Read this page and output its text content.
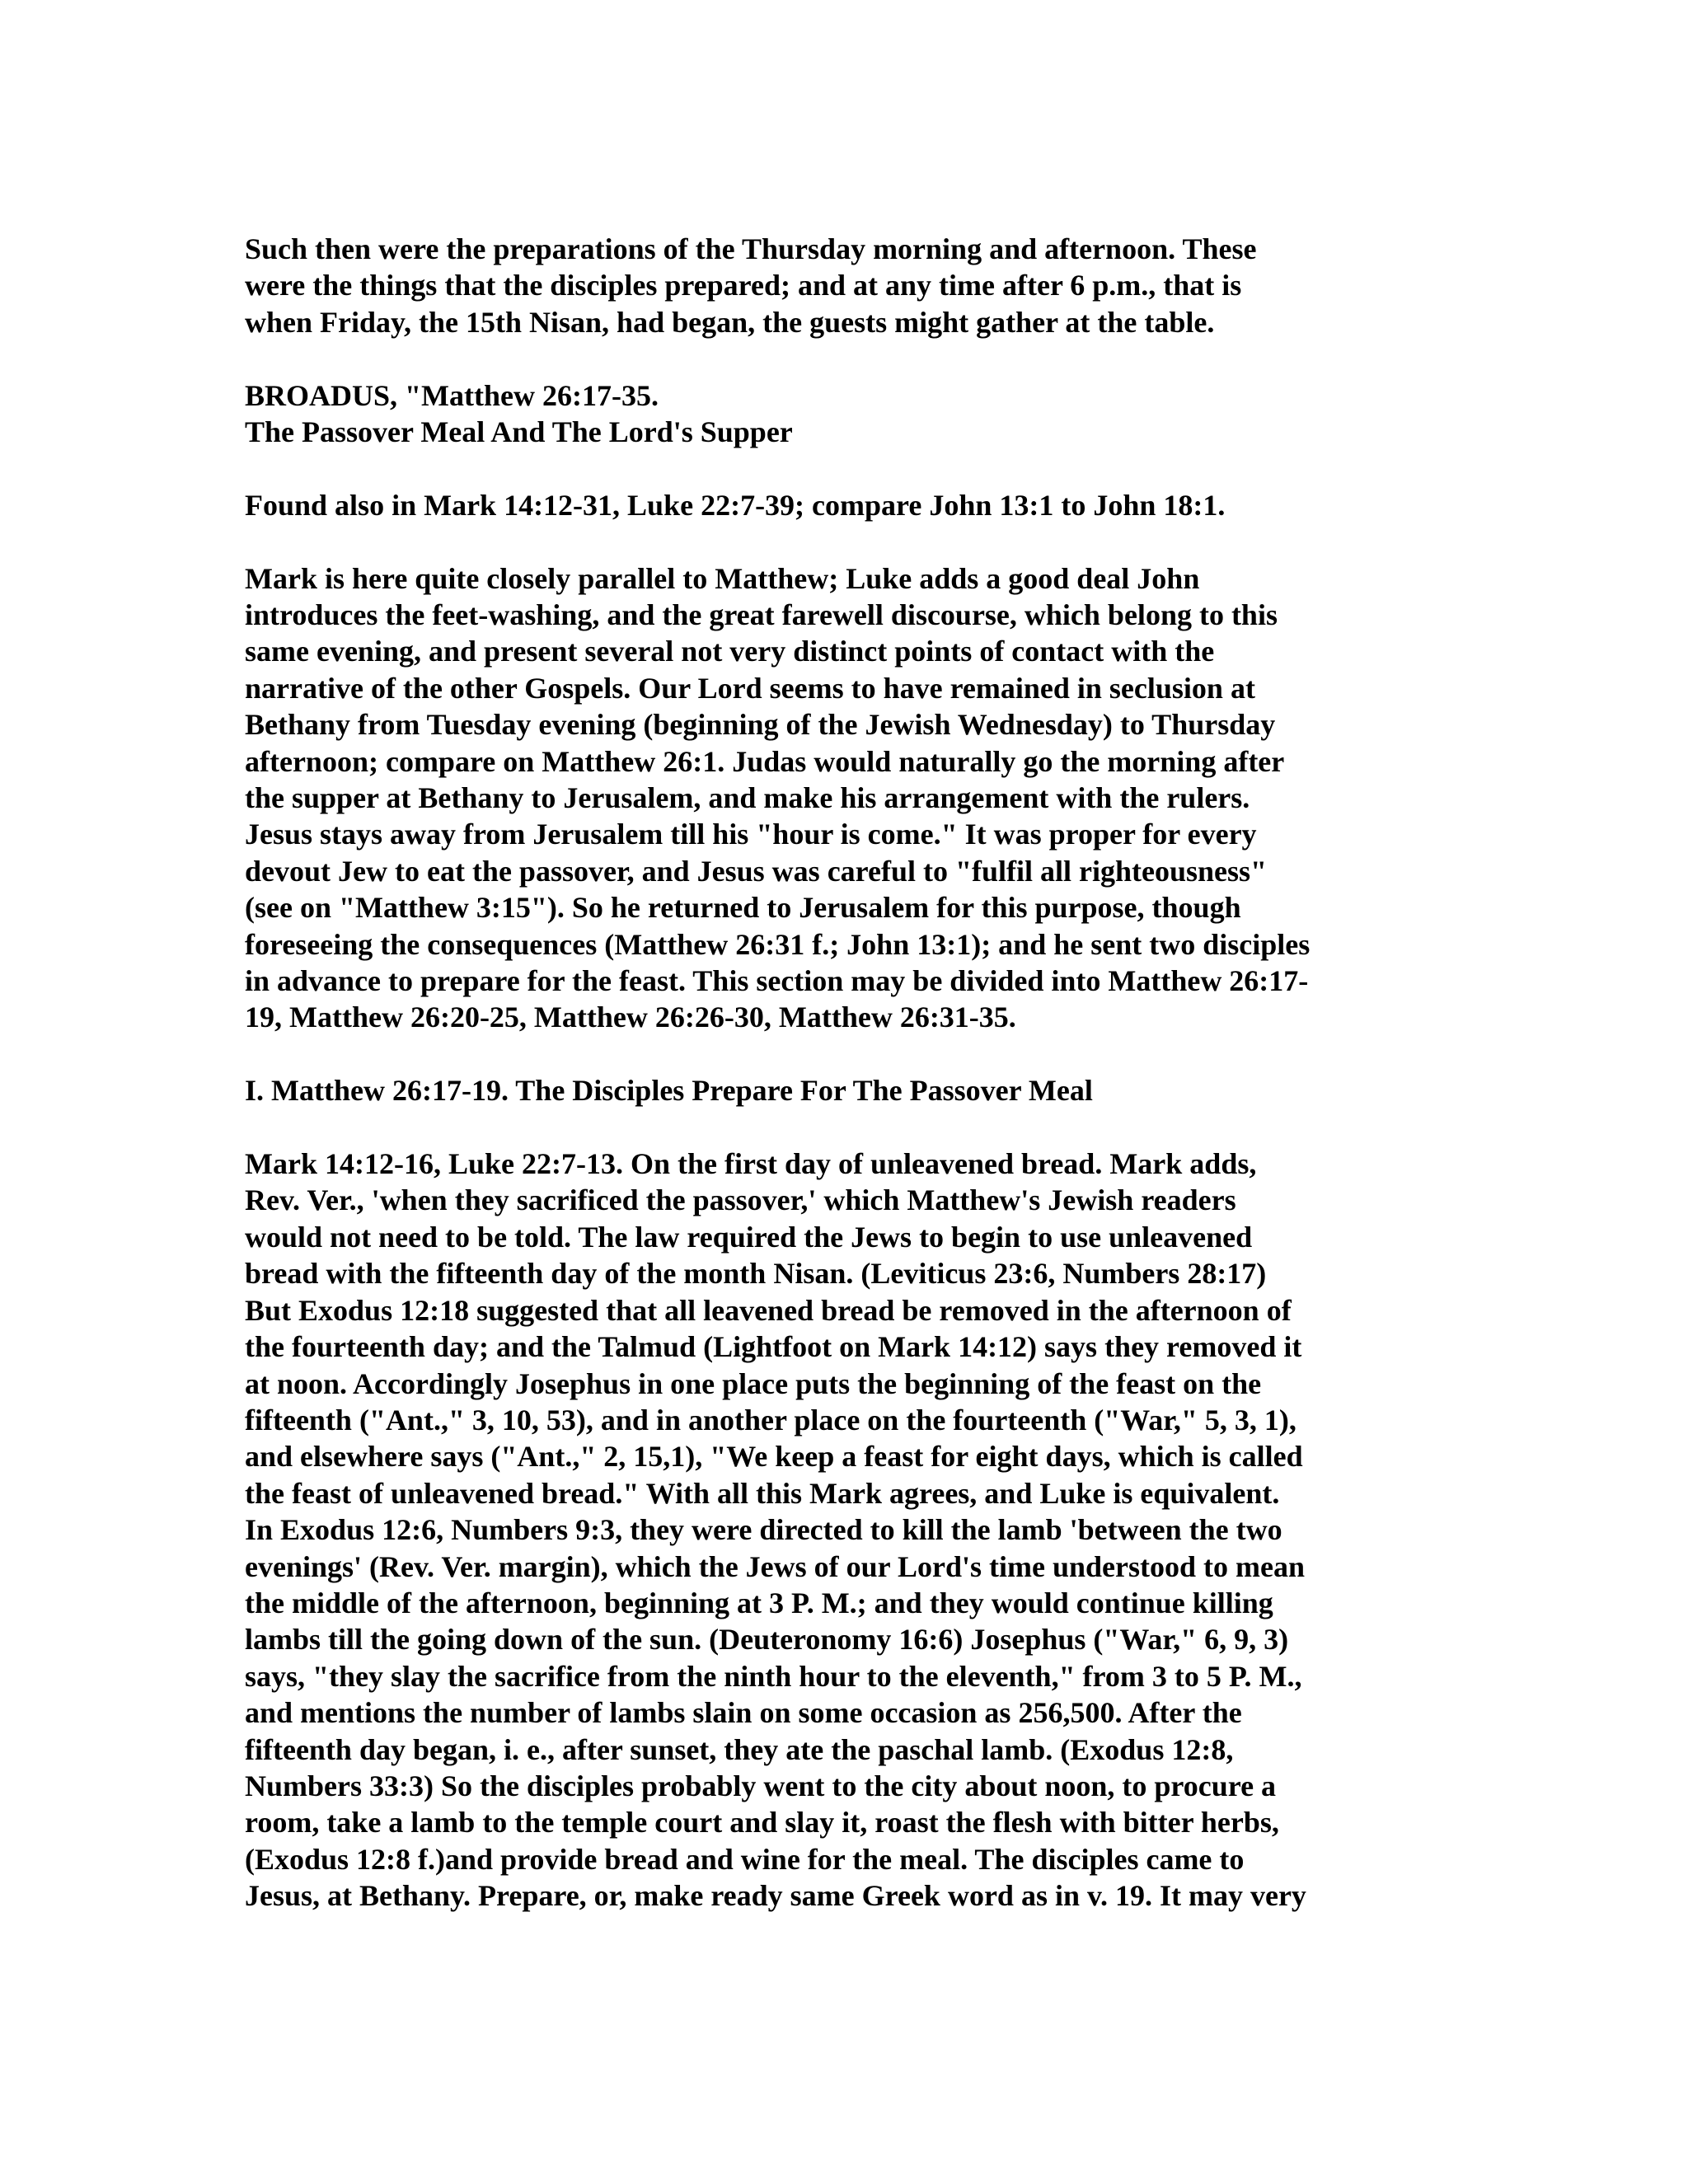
Such then were the preparations of the Thursday morning and afternoon. These
were the things that the disciples prepared; and at any time after 6 p.m., that is
when Friday, the 15th Nisan, had began, the guests might gather at the table.
BROADUS, "Matthew 26:17-35.
The Passover Meal And The Lord's Supper
Found also in Mark 14:12-31, Luke 22:7-39; compare John 13:1 to John 18:1.
Mark is here quite closely parallel to Matthew; Luke adds a good deal John
introduces the feet-washing, and the great farewell discourse, which belong to this
same evening, and present several not very distinct points of contact with the
narrative of the other Gospels. Our Lord seems to have remained in seclusion at
Bethany from Tuesday evening (beginning of the Jewish Wednesday) to Thursday
afternoon; compare on Matthew 26:1. Judas would naturally go the morning after
the supper at Bethany to Jerusalem, and make his arrangement with the rulers.
Jesus stays away from Jerusalem till his "hour is come." It was proper for every
devout Jew to eat the passover, and Jesus was careful to "fulfil all righteousness"
(see on "Matthew 3:15"). So he returned to Jerusalem for this purpose, though
foreseeing the consequences (Matthew 26:31 f.; John 13:1); and he sent two disciples
in advance to prepare for the feast. This section may be divided into Matthew 26:17-
19, Matthew 26:20-25, Matthew 26:26-30, Matthew 26:31-35.
I. Matthew 26:17-19. The Disciples Prepare For The Passover Meal
Mark 14:12-16, Luke 22:7-13. On the first day of unleavened bread. Mark adds,
Rev. Ver., 'when they sacrificed the passover,' which Matthew's Jewish readers
would not need to be told. The law required the Jews to begin to use unleavened
bread with the fifteenth day of the month Nisan. (Leviticus 23:6, Numbers 28:17)
But Exodus 12:18 suggested that all leavened bread be removed in the afternoon of
the fourteenth day; and the Talmud (Lightfoot on Mark 14:12) says they removed it
at noon. Accordingly Josephus in one place puts the beginning of the feast on the
fifteenth ("Ant.," 3, 10, 53), and in another place on the fourteenth ("War," 5, 3, 1),
and elsewhere says ("Ant.," 2, 15,1), "We keep a feast for eight days, which is called
the feast of unleavened bread." With all this Mark agrees, and Luke is equivalent.
In Exodus 12:6, Numbers 9:3, they were directed to kill the lamb 'between the two
evenings' (Rev. Ver. margin), which the Jews of our Lord's time understood to mean
the middle of the afternoon, beginning at 3 P. M.; and they would continue killing
lambs till the going down of the sun. (Deuteronomy 16:6) Josephus ("War," 6, 9, 3)
says, "they slay the sacrifice from the ninth hour to the eleventh," from 3 to 5 P. M.,
and mentions the number of lambs slain on some occasion as 256,500. After the
fifteenth day began, i. e., after sunset, they ate the paschal lamb. (Exodus 12:8,
Numbers 33:3) So the disciples probably went to the city about noon, to procure a
room, take a lamb to the temple court and slay it, roast the flesh with bitter herbs,
(Exodus 12:8 f.)and provide bread and wine for the meal. The disciples came to
Jesus, at Bethany. Prepare, or, make ready same Greek word as in v. 19. It may very
